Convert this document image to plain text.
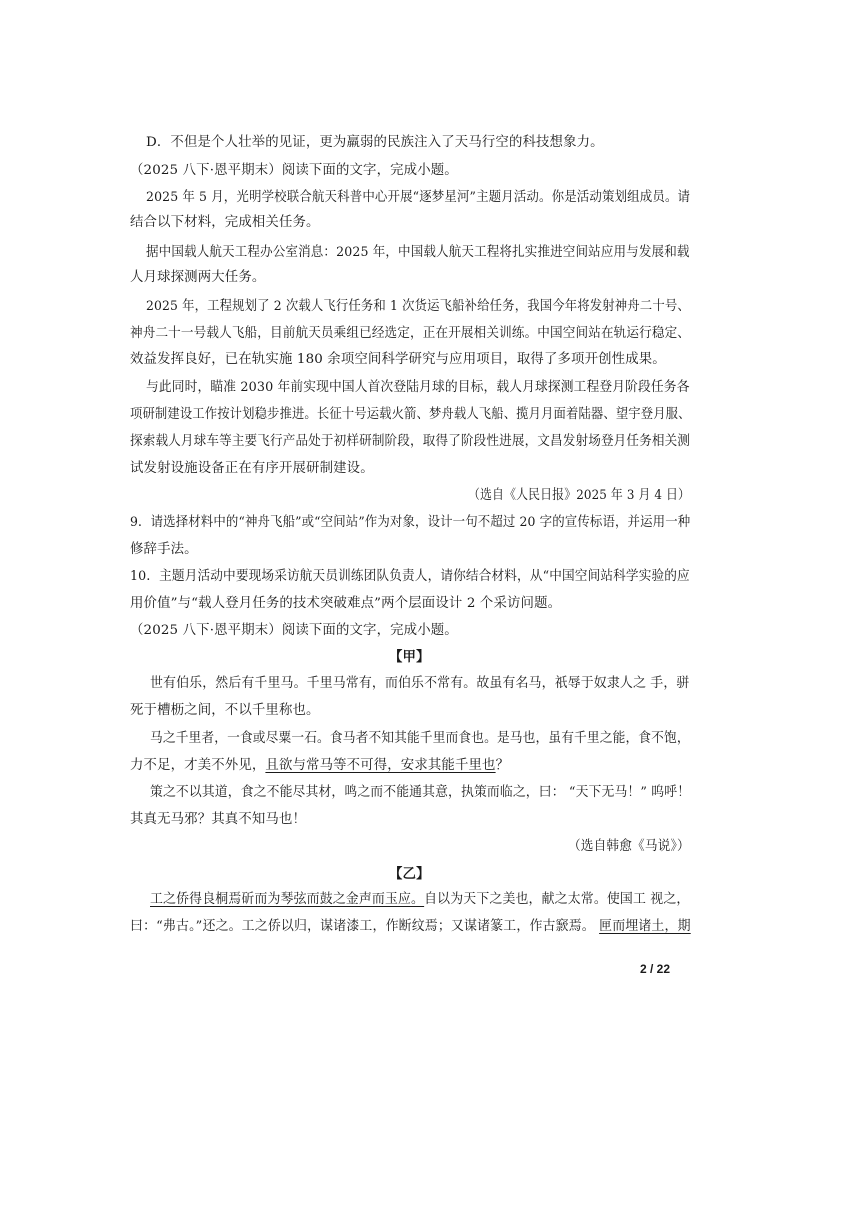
D．不但是个人壮举的见证，更为羸弱的民族注入了天马行空的科技想象力。
（2025 八下·恩平期末）阅读下面的文字，完成小题。
2025 年 5 月，光明学校联合航天科普中心开展“逐梦星河”主题月活动。你是活动策划组成员。请
结合以下材料，完成相关任务。
据中国载人航天工程办公室消息：2025 年，中国载人航天工程将扎实推进空间站应用与发展和载
人月球探测两大任务。
2025 年，工程规划了 2 次载人飞行任务和 1 次货运飞船补给任务，我国今年将发射神舟二十号、
神舟二十一号载人飞船，目前航天员乘组已经选定，正在开展相关训练。中国空间站在轨运行稳定、
效益发挥良好，已在轨实施 180 余项空间科学研究与应用项目，取得了多项开创性成果。
与此同时，瞄准 2030 年前实现中国人首次登陆月球的目标，载人月球探测工程登月阶段任务各
项研制建设工作按计划稳步推进。长征十号运载火箭、梦舟载人飞船、揽月月面着陆器、望宇登月服、
探索载人月球车等主要飞行产品处于初样研制阶段，取得了阶段性进展，文昌发射场登月任务相关测
试发射设施设备正在有序开展研制建设。
（选自《人民日报》2025 年 3 月 4 日）
9．请选择材料中的“神舟飞船”或“空间站”作为对象，设计一句不超过 20 字的宣传标语，并运用一种
修辞手法。
10．主题月活动中要现场采访航天员训练团队负责人，请你结合材料，从“中国空间站科学实验的应
用价值”与“载人登月任务的技术突破难点”两个层面设计 2 个采访问题。
（2025 八下·恩平期末）阅读下面的文字，完成小题。
【甲】
世有伯乐，然后有千里马。千里马常有，而伯乐不常有。故虽有名马，祇辱于奴隶人之 手，骈
死于槽枥之间，不以千里称也。
马之千里者，一食或尽粟一石。食马者不知其能千里而食也。是马也，虽有千里之能，食不饱，
力不足，才美不外见，且欲与常马等不可得，安求其能千里也？
策之不以其道，食之不能尽其材，鸣之而不能通其意，执策而临之，曰： “天下无马！” 呜呼！
其真无马邪？其真不知马也！
（选自韩愈《马说》）
【乙】
工之侨得良桐焉斫而为琴弦而鼓之金声而玉应。自以为天下之美也，献之太常。使国工 视之，
曰：“弗古。”还之。工之侨以归，谋诸漆工，作断纹焉；又谋诸篆工，作古窾焉。 匣而埋诸土，期
2 / 22
